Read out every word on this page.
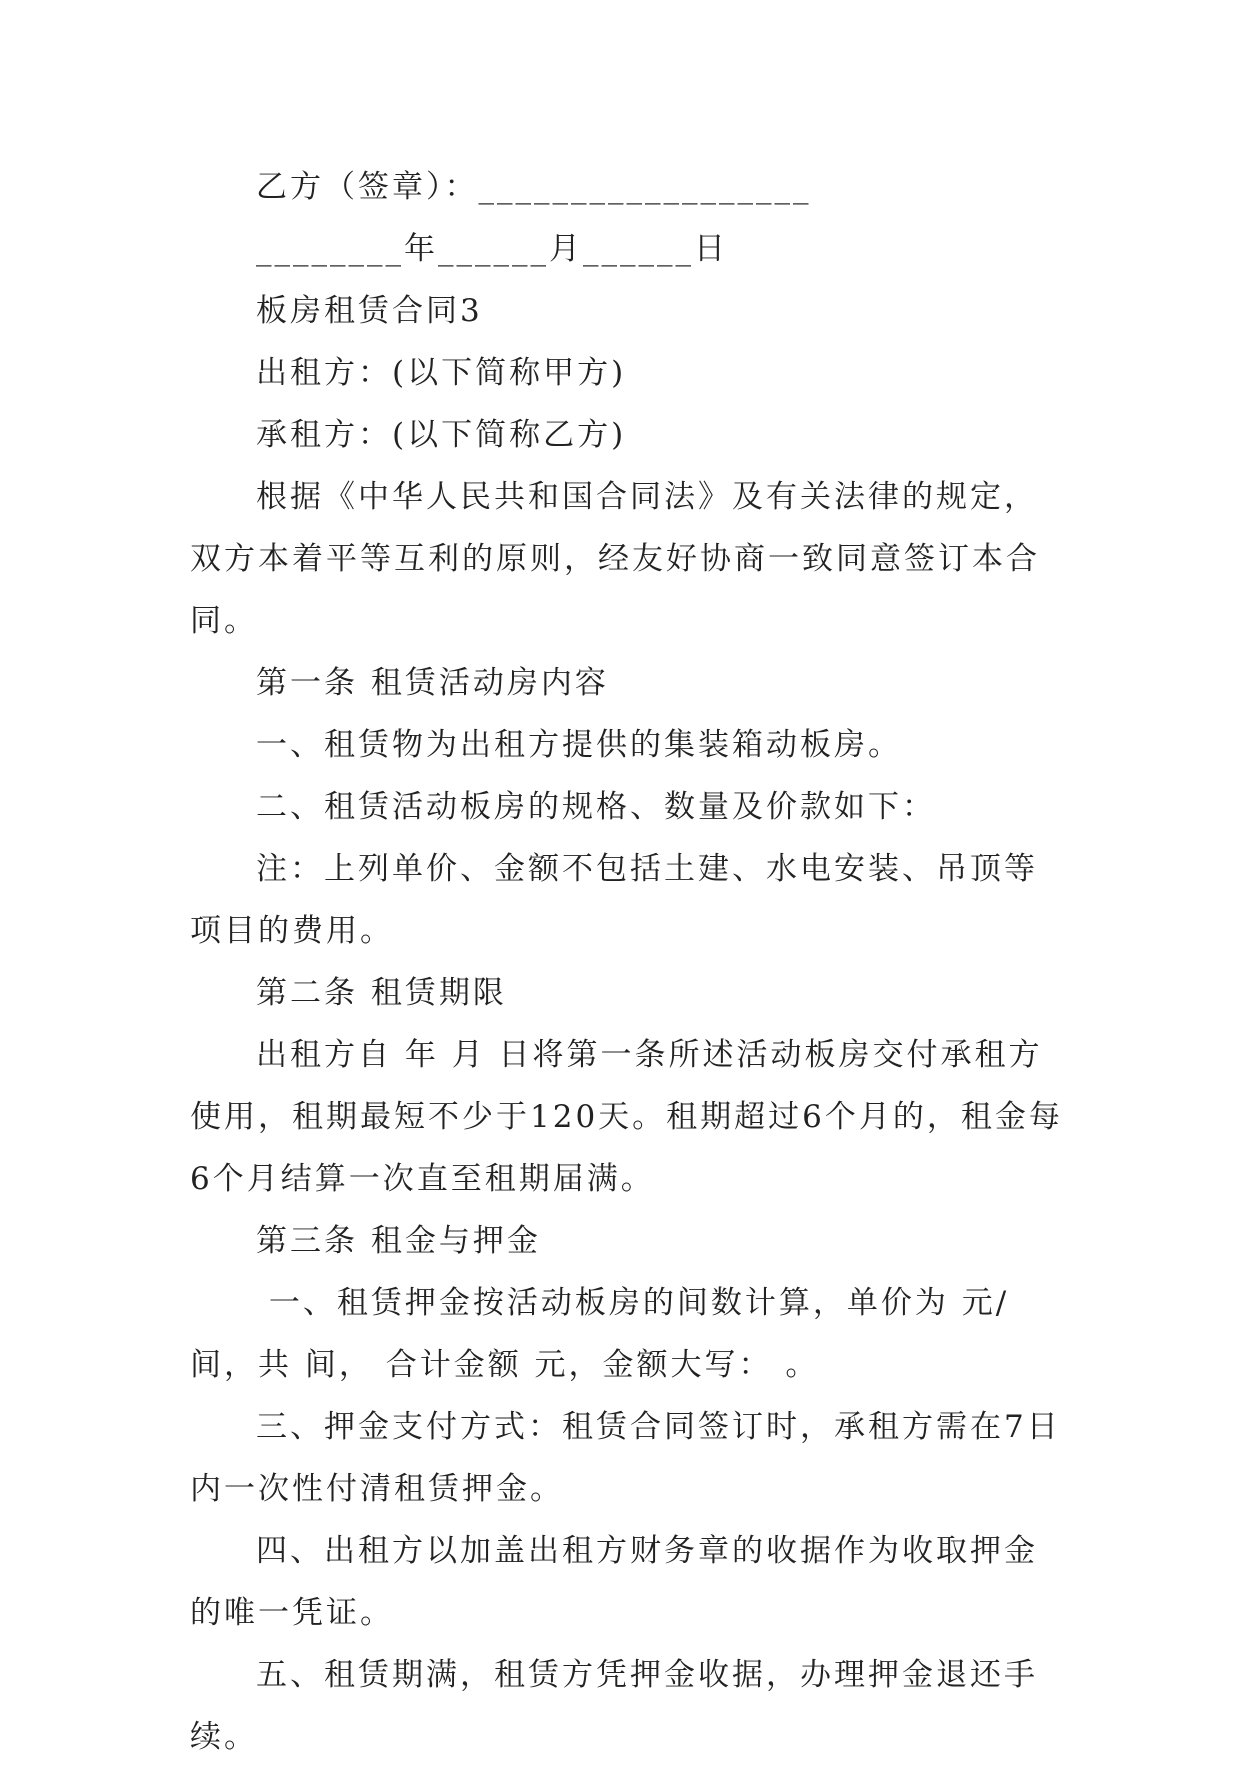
乙方（签章）：__________________

________年______月______日

板房租赁合同3

出租方：(以下简称甲方)

承租方：(以下简称乙方)

根据《中华人民共和国合同法》及有关法律的规定，双方本着平等互利的原则，经友好协商一致同意签订本合同。

第一条 租赁活动房内容

一、租赁物为出租方提供的集装箱动板房。

二、租赁活动板房的规格、数量及价款如下：

注：上列单价、金额不包括土建、水电安装、吊顶等项目的费用。

第二条 租赁期限

出租方自 年 月 日将第一条所述活动板房交付承租方使用，租期最短不少于120天。租期超过6个月的，租金每6个月结算一次直至租期届满。

第三条 租金与押金

一、租赁押金按活动板房的间数计算，单价为 元/间，共 间， 合计金额 元，金额大写： 。

三、押金支付方式：租赁合同签订时，承租方需在7日内一次性付清租赁押金。

四、出租方以加盖出租方财务章的收据作为收取押金的唯一凭证。

五、租赁期满，租赁方凭押金收据，办理押金退还手续。
